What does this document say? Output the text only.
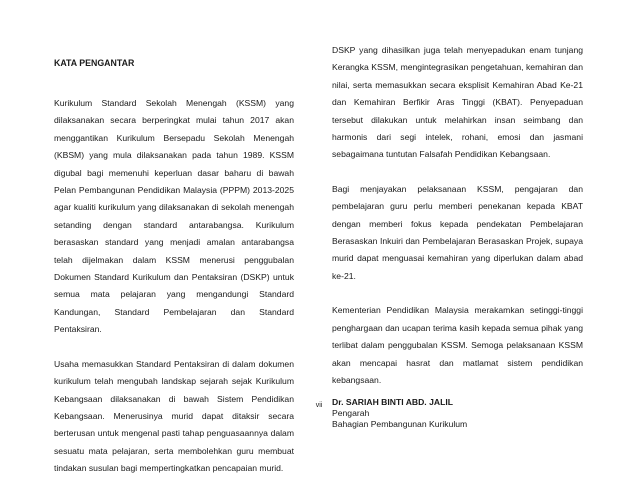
KATA PENGANTAR

Kurikulum Standard Sekolah Menengah (KSSM) yang dilaksanakan secara berperingkat mulai tahun 2017 akan menggantikan Kurikulum Bersepadu Sekolah Menengah (KBSM) yang mula dilaksanakan pada tahun 1989. KSSM digubal bagi memenuhi keperluan dasar baharu di bawah Pelan Pembangunan Pendidikan Malaysia (PPPM) 2013-2025 agar kualiti kurikulum yang dilaksanakan di sekolah menengah setanding dengan standard antarabangsa. Kurikulum berasaskan standard yang menjadi amalan antarabangsa telah dijelmakan dalam KSSM menerusi penggubalan Dokumen Standard Kurikulum dan Pentaksiran (DSKP) untuk semua mata pelajaran yang mengandungi Standard Kandungan, Standard Pembelajaran dan Standard Pentaksiran.

Usaha memasukkan Standard Pentaksiran di dalam dokumen kurikulum telah mengubah landskap sejarah sejak Kurikulum Kebangsaan dilaksanakan di bawah Sistem Pendidikan Kebangsaan. Menerusinya murid dapat ditaksir secara berterusan untuk mengenal pasti tahap penguasaannya dalam sesuatu mata pelajaran, serta membolehkan guru membuat tindakan susulan bagi mempertingkatkan pencapaian murid.

DSKP yang dihasilkan juga telah menyepadukan enam tunjang Kerangka KSSM, mengintegrasikan pengetahuan, kemahiran dan nilai, serta memasukkan secara eksplisit Kemahiran Abad Ke-21 dan Kemahiran Berfikir Aras Tinggi (KBAT). Penyepaduan tersebut dilakukan untuk melahirkan insan seimbang dan harmonis dari segi intelek, rohani, emosi dan jasmani sebagaimana tuntutan Falsafah Pendidikan Kebangsaan.

Bagi menjayakan pelaksanaan KSSM, pengajaran dan pembelajaran guru perlu memberi penekanan kepada KBAT dengan memberi fokus kepada pendekatan Pembelajaran Berasaskan Inkuiri dan Pembelajaran Berasaskan Projek, supaya murid dapat menguasai kemahiran yang diperlukan dalam abad ke-21.

Kementerian Pendidikan Malaysia merakamkan setinggi-tinggi penghargaan dan ucapan terima kasih kepada semua pihak yang terlibat dalam penggubalan KSSM. Semoga pelaksanaan KSSM akan mencapai hasrat dan matlamat sistem pendidikan kebangsaan.

Dr. SARIAH BINTI ABD. JALIL
Pengarah
Bahagian Pembangunan Kurikulum
vii
